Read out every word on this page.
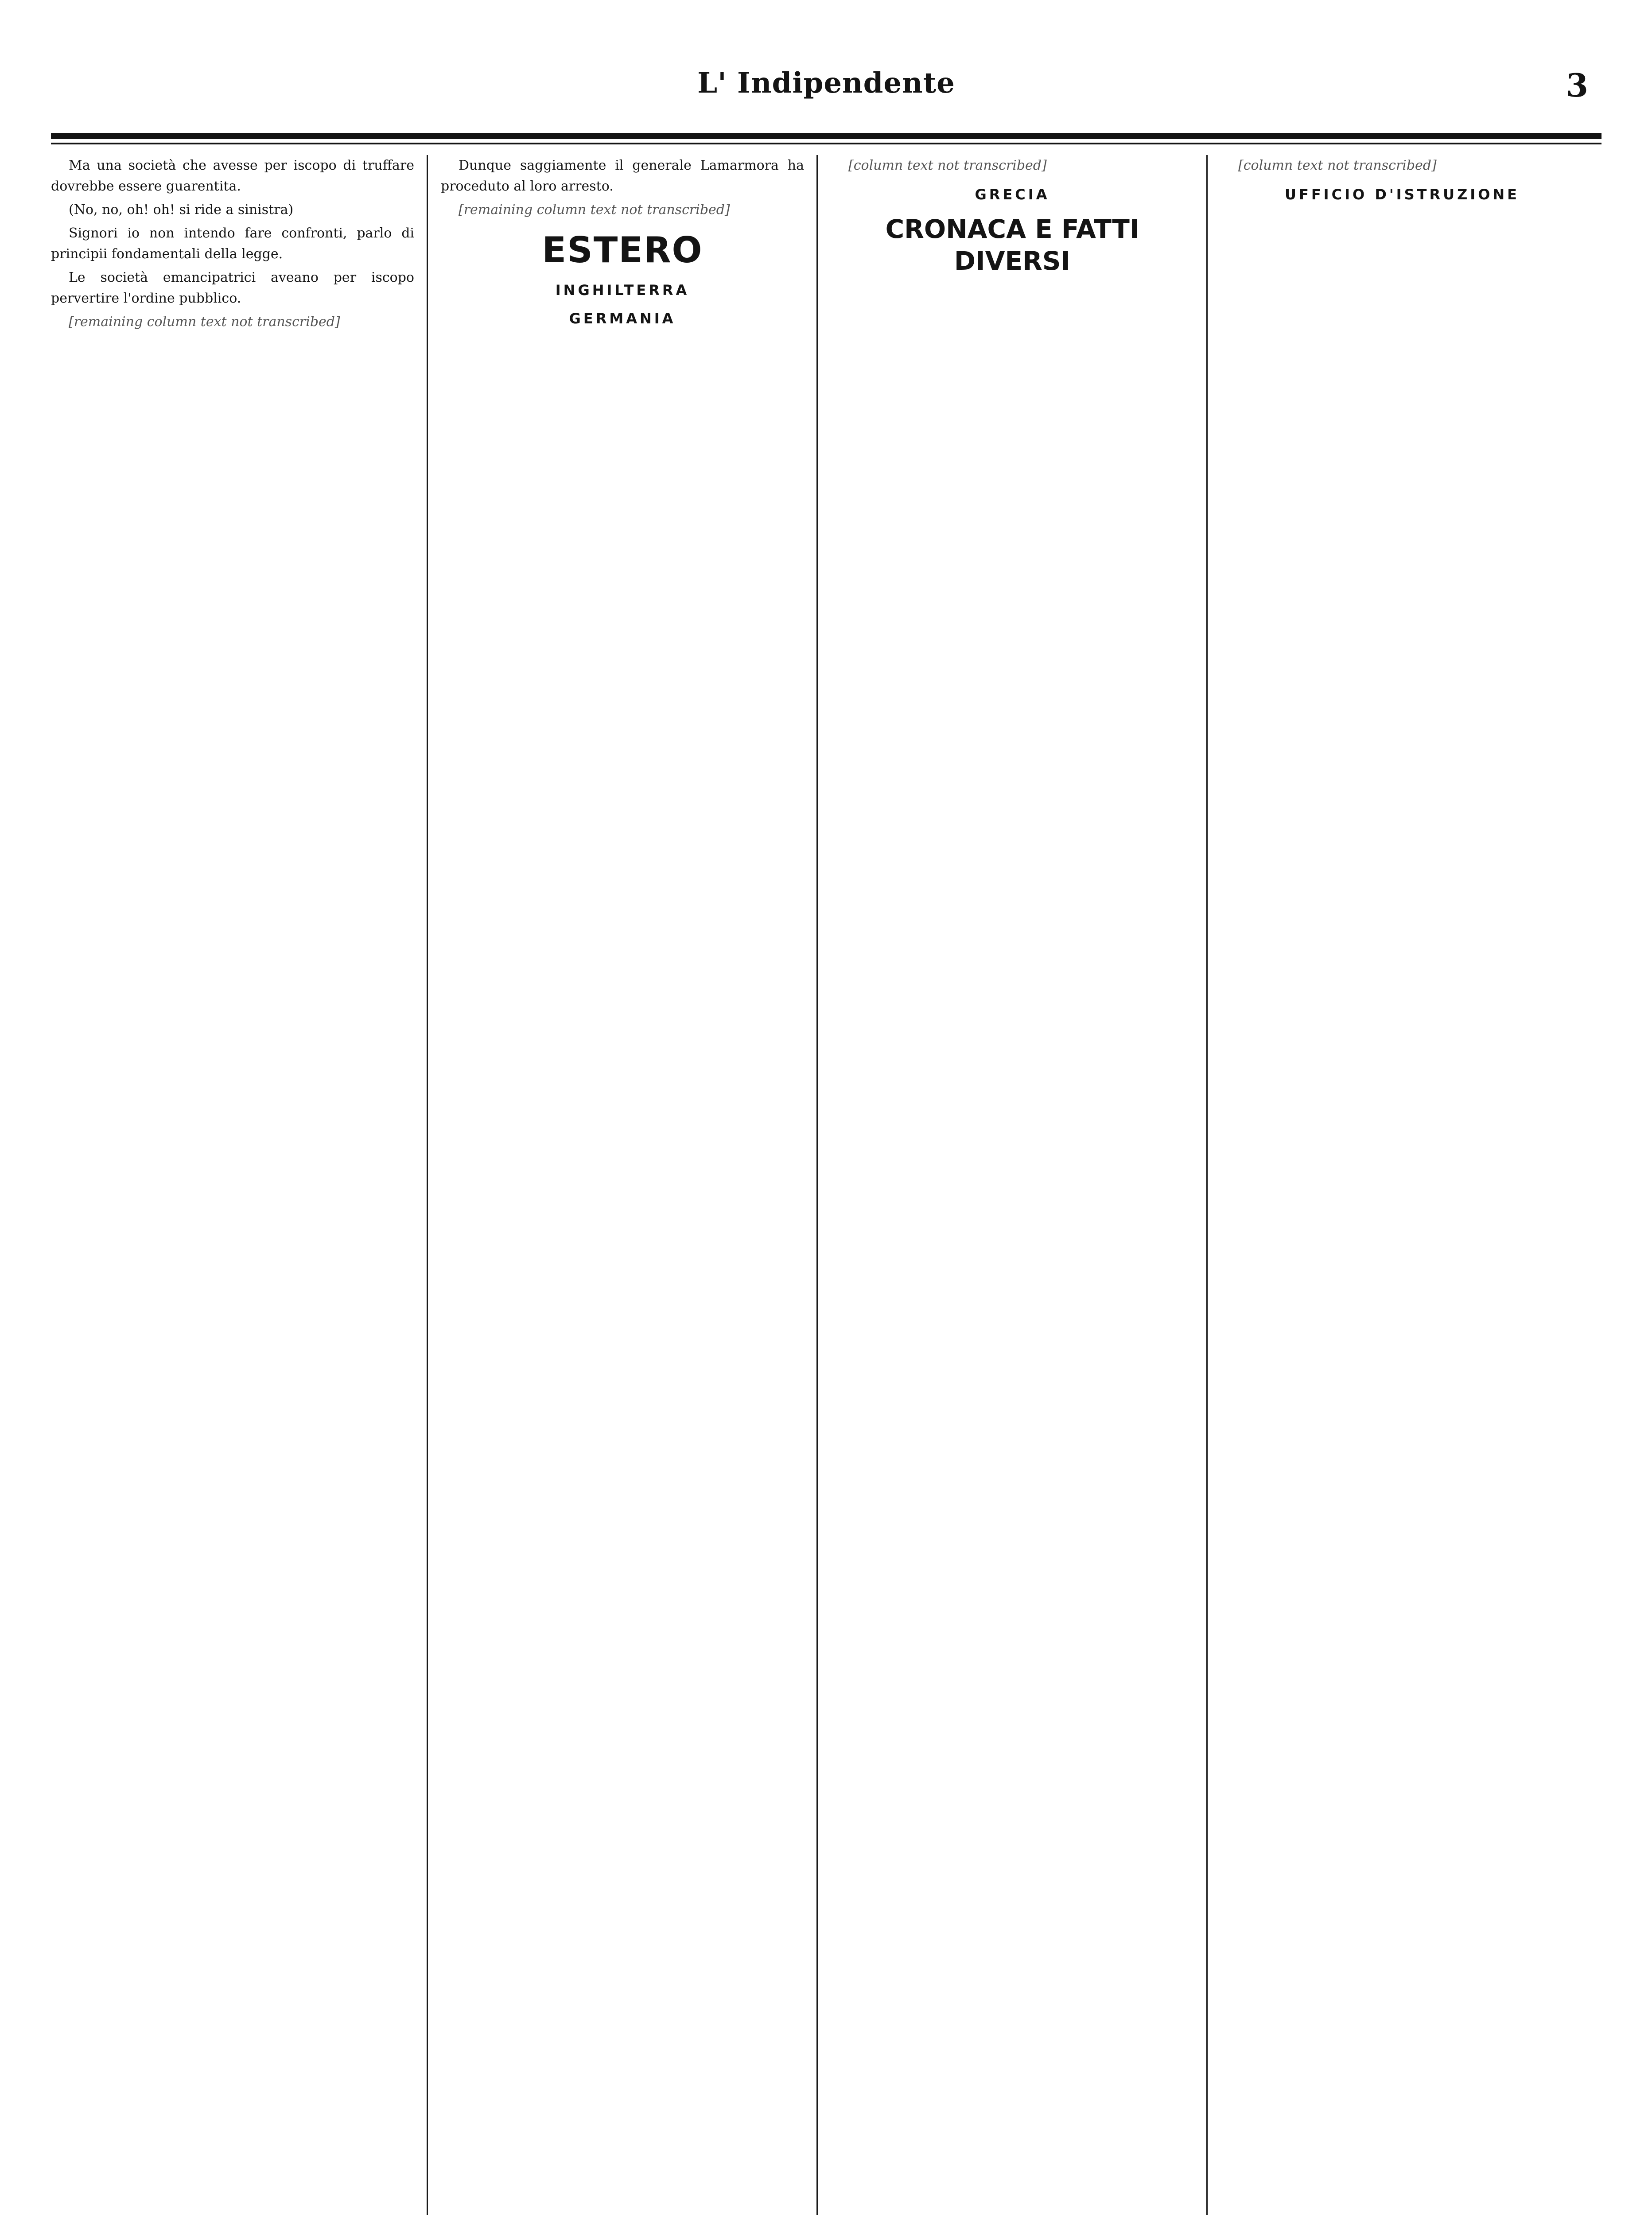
L' Indipendente	3

Ma una società che avesse per iscopo di truffare dovrebbe essere guarentita.

(No, no, oh! oh! si ride a sinistra)

Signori io non intendo fare confronti, parlo di principii fondamentali della legge.

Le società emancipatrici aveano per iscopo pervertire l'ordine pubblico.

[remaining column text not transcribed]

Dunque saggiamente il generale Lamarmora ha proceduto al loro arresto.

[remaining column text not transcribed]

ESTERO

INGHILTERRA

GERMANIA

[column text not transcribed]

GRECIA

CRONACA E FATTI DIVERSI

[column text not transcribed]

UFFICIO D'ISTRUZIONE
